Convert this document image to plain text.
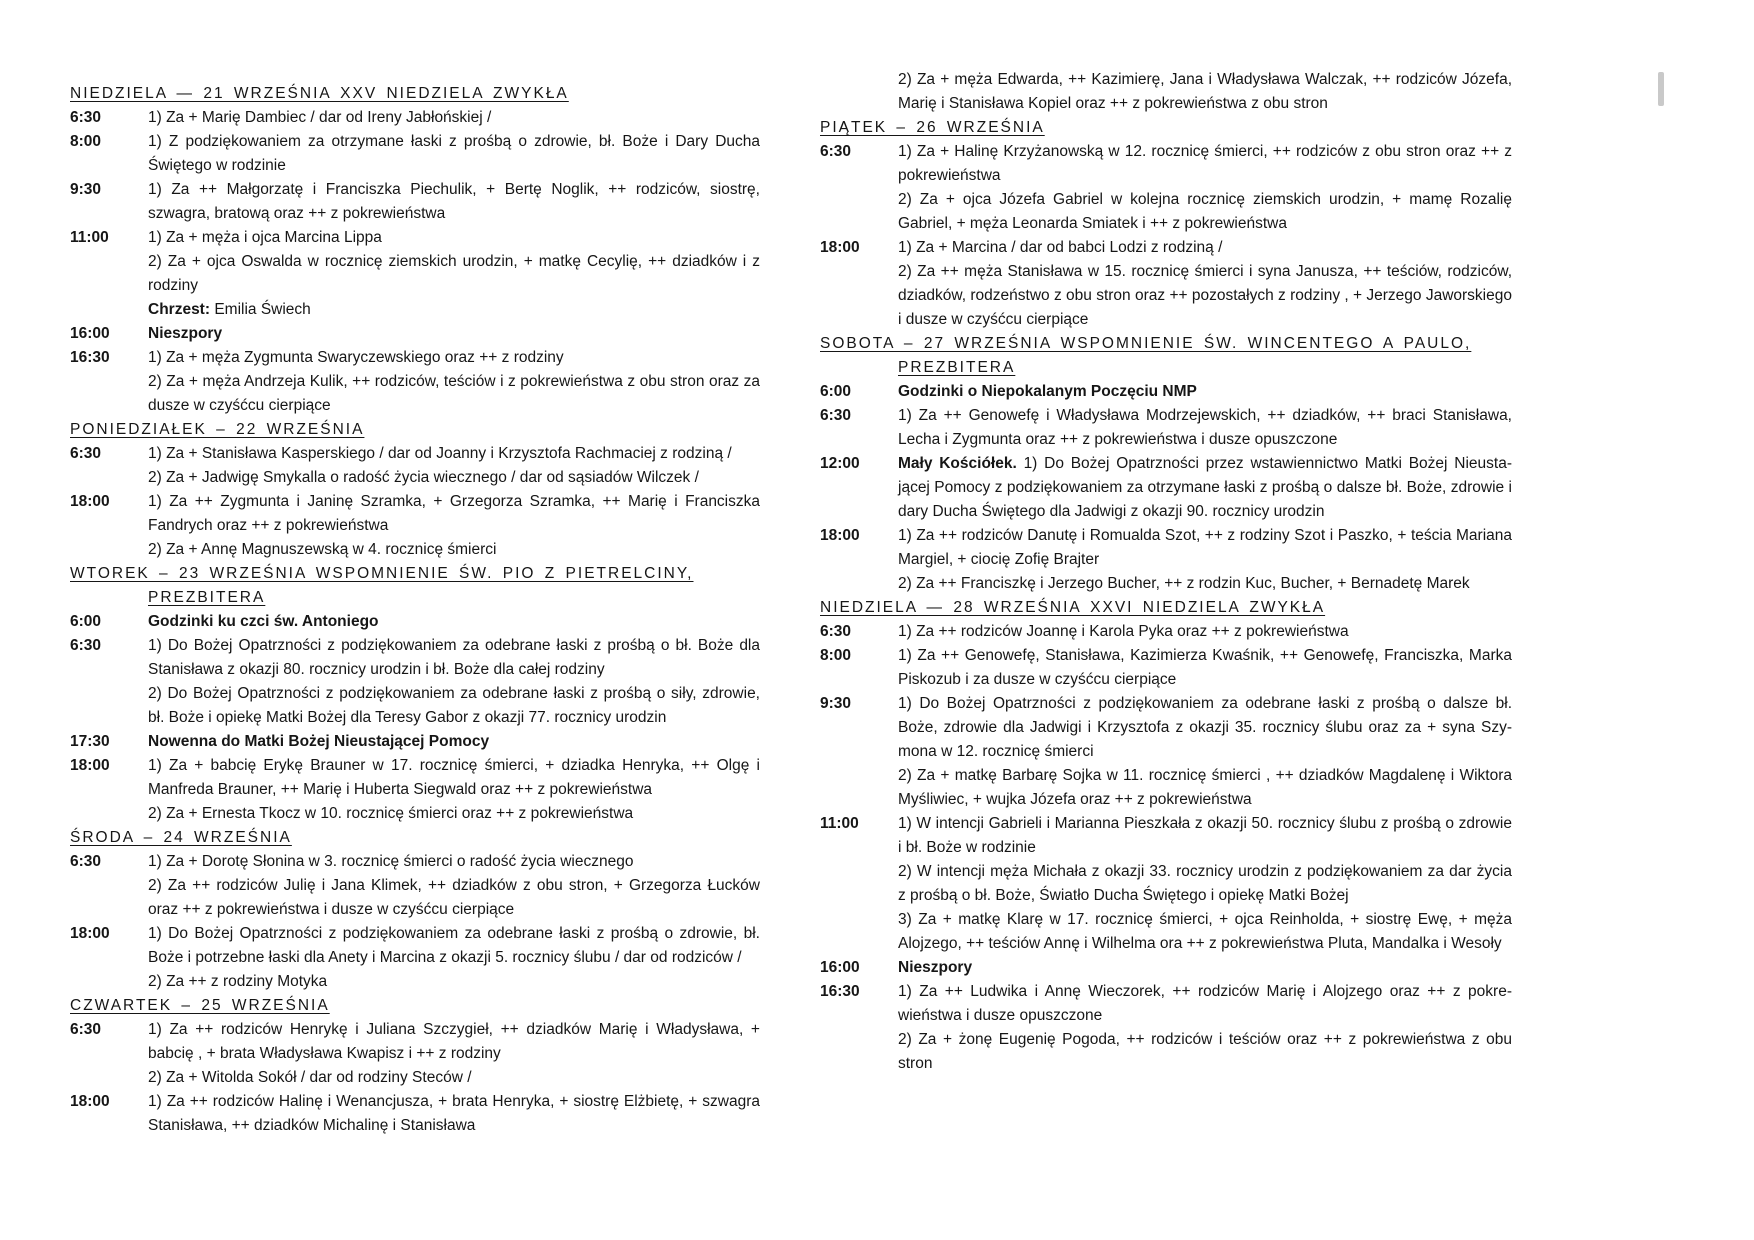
NIEDZIELA — 21 WRZEŚNIA XXV NIEDZIELA ZWYKŁA
6:30	1) Za + Marię Dambiec / dar od Ireny Jabłońskiej /
8:00	1) Z podziękowaniem za otrzymane łaski z prośbą o zdrowie, bł. Boże i Dary Ducha Świętego w rodzinie
9:30	1) Za ++ Małgorzatę i Franciszka Piechulik, + Bertę Noglik, ++ rodziców, siostrę, szwagra, bratową oraz ++ z pokrewieństwa
11:00	1) Za + męża i ojca Marcina Lippa
2) Za + ojca Oswalda w rocznicę ziemskich urodzin, + matkę Cecylię, ++ dziadków i z rodziny
Chrzest: Emilia Świech
16:00	Nieszpory
16:30	1) Za + męża Zygmunta Swaryczewskiego oraz ++ z rodziny
2) Za + męża Andrzeja Kulik, ++ rodziców, teściów i z pokrewieństwa z obu stron oraz za dusze w czyśćcu cierpiące
PONIEDZIAŁEK – 22 WRZEŚNIA
6:30	1) Za + Stanisława Kasperskiego / dar od Joanny i Krzysztofa Rachmaciej z rodziną /
2) Za + Jadwigę Smykalla o radość życia wiecznego / dar od sąsiadów Wilczek /
18:00	1) Za ++ Zygmunta i Janinę Szramka, + Grzegorza Szramka, ++ Marię i Franciszka Fandrych oraz ++ z pokrewieństwa
2) Za + Annę Magnuszewską w 4. rocznicę śmierci
WTOREK – 23 WRZEŚNIA WSPOMNIENIE ŚW. PIO Z PIETRELCINY, PREZBITERA
6:00	Godzinki ku czci św. Antoniego
6:30	1) Do Bożej Opatrzności z podziękowaniem za odebrane łaski z prośbą o bł. Boże dla Stanisława z okazji 80. rocznicy urodzin i bł. Boże dla całej rodziny
2) Do Bożej Opatrzności z podziękowaniem za odebrane łaski z prośbą o siły, zdrowie, bł. Boże i opiekę Matki Bożej dla Teresy Gabor z okazji 77. rocznicy urodzin
17:30	Nowenna do Matki Bożej Nieustającej Pomocy
18:00	1) Za + babcię Erykę Brauner w 17. rocznicę śmierci, + dziadka Henryka, ++ Olgę i Manfreda Brauner, ++ Marię i Huberta Siegwald oraz ++ z pokrewieństwa
2) Za + Ernesta Tkocz w 10. rocznicę śmierci oraz ++ z pokrewieństwa
ŚRODA – 24 WRZEŚNIA
6:30	1) Za + Dorotę Słonina w 3. rocznicę śmierci o radość życia wiecznego
2) Za ++ rodziców Julię i Jana Klimek, ++ dziadków z obu stron, + Grzegorza Łucków oraz ++ z pokrewieństwa i dusze w czyśćcu cierpiące
18:00	1) Do Bożej Opatrzności z podziękowaniem za odebrane łaski z prośbą o zdrowie, bł. Boże i potrzebne łaski dla Anety i Marcina z okazji 5. rocznicy ślubu / dar od rodziców /
2) Za ++ z rodziny Motyka
CZWARTEK – 25 WRZEŚNIA
6:30	1) Za ++ rodziców Henrykę i Juliana Szczygieł, ++ dziadków Marię i Władysława, + babcię , + brata Władysława Kwapisz i ++ z rodziny
2) Za + Witolda Sokół / dar od rodziny Steców /
18:00	1) Za ++ rodziców Halinę i Wenancjusza, + brata Henryka, + siostrę Elżbietę, + szwagra Stanisława, ++ dziadków Michalinę i Stanisława
2) Za + męża Edwarda, ++ Kazimierę, Jana i Władysława Walczak, ++ rodziców Józefa, Marię i Stanisława Kopiel oraz ++ z pokrewieństwa z obu stron
PIĄTEK – 26 WRZEŚNIA
6:30	1) Za + Halinę Krzyżanowską w 12. rocznicę śmierci, ++ rodziców z obu stron oraz ++ z pokrewieństwa
2) Za + ojca Józefa Gabriel w kolejna rocznicę ziemskich urodzin, + mamę Rozalię Gabriel, + męża Leonarda Smiatek i ++ z pokrewieństwa
18:00	1) Za + Marcina / dar od babci Lodzi z rodziną /
2) Za ++ męża Stanisława w 15. rocznicę śmierci i syna Janusza, ++ teściów, rodziców, dziadków, rodzeństwo z obu stron oraz ++ pozostałych z rodziny , + Jerzego Jaworskiego i dusze w czyśćcu cierpiące
SOBOTA – 27 WRZEŚNIA WSPOMNIENIE ŚW. WINCENTEGO A PAULO, PREZBITERA
6:00	Godzinki o Niepokalanym Poczęciu NMP
6:30	1) Za ++ Genowefę i Władysława Modrzejewskich, ++ dziadków, ++ braci Stanisława, Lecha i Zygmunta oraz ++ z pokrewieństwa i dusze opuszczone
12:00	Mały Kościółek. 1) Do Bożej Opatrzności przez wstawiennictwo Matki Bożej Nieustającej Pomocy z podziękowaniem za otrzymane łaski z prośbą o dalsze bł. Boże, zdrowie i dary Ducha Świętego dla Jadwigi z okazji 90. rocznicy urodzin
18:00	1) Za ++ rodziców Danutę i Romualda Szot, ++ z rodziny Szot i Paszko, + teścia Mariana Margiel, + ciocię Zofię Brajter
2) Za ++ Franciszkę i Jerzego Bucher, ++ z rodzin Kuc, Bucher, + Bernadetę Marek
NIEDZIELA — 28 WRZEŚNIA XXVI NIEDZIELA ZWYKŁA
6:30	1) Za ++ rodziców Joannę i Karola Pyka oraz ++ z pokrewieństwa
8:00	1) Za ++ Genowefę, Stanisława, Kazimierza Kwaśnik, ++ Genowefę, Franciszka, Marka Piskozub i za dusze w czyśćcu cierpiące
9:30	1) Do Bożej Opatrzności z podziękowaniem za odebrane łaski z prośbą o dalsze bł. Boże, zdrowie dla Jadwigi i Krzysztofa z okazji 35. rocznicy ślubu oraz za + syna Szymona w 12. rocznicę śmierci
2) Za + matkę Barbarę Sojka w 11. rocznicę śmierci , ++ dziadków Magdalenę i Wiktora Myśliwiec, + wujka Józefa oraz ++ z pokrewieństwa
11:00	1) W intencji Gabrieli i Marianna Pieszkała z okazji 50. rocznicy ślubu z prośbą o zdrowie i bł. Boże w rodzinie
2) W intencji męża Michała z okazji 33. rocznicy urodzin z podziękowaniem za dar życia z prośbą o bł. Boże, Światło Ducha Świętego i opiekę Matki Bożej
3) Za + matkę Klarę w 17. rocznicę śmierci, + ojca Reinholda, + siostrę Ewę, + męża Alojzego, ++ teściów Annę i Wilhelma ora ++ z pokrewieństwa Pluta, Mandalka i Wesoły
16:00	Nieszpory
16:30	1) Za ++ Ludwika i Annę Wieczorek, ++ rodziców Marię i Alojzego oraz ++ z pokrewieństwa i dusze opuszczone
2) Za + żonę Eugenię Pogoda, ++ rodziców i teściów oraz ++ z pokrewieństwa z obu stron
